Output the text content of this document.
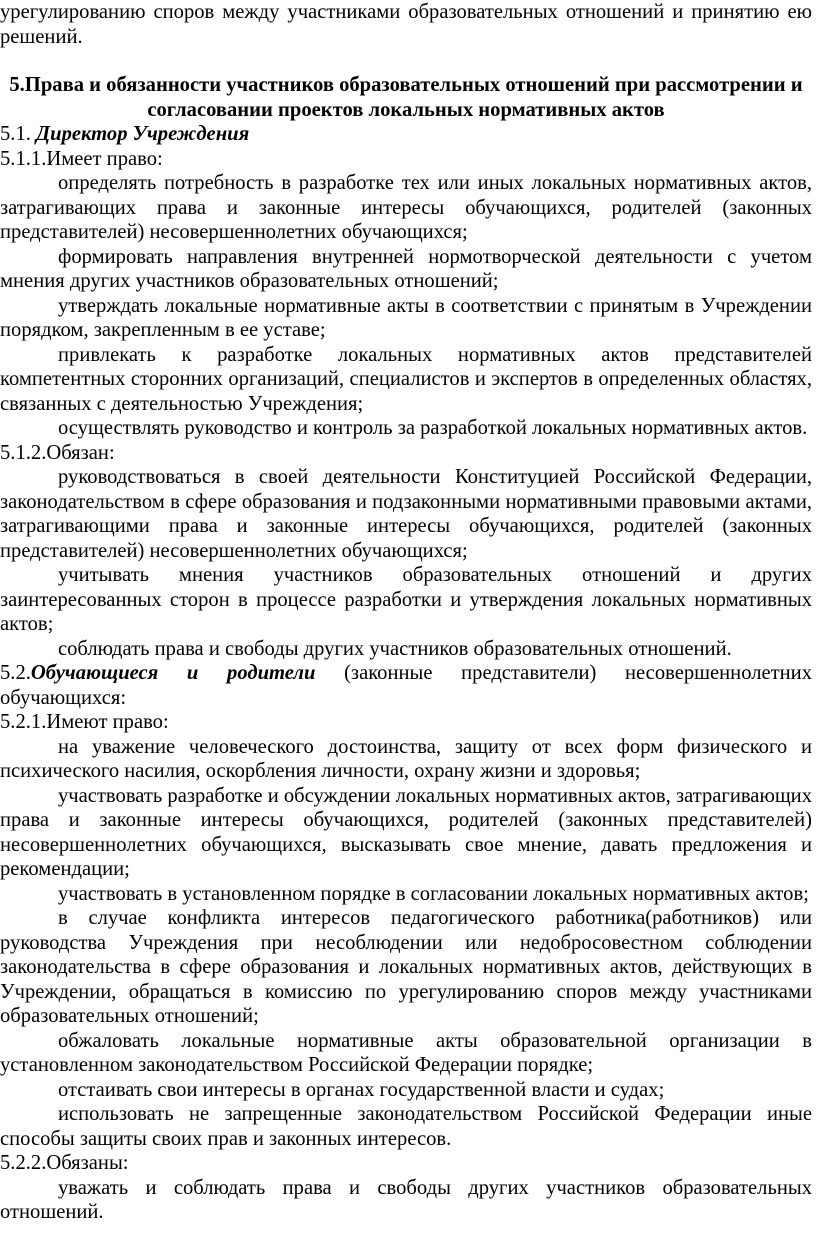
урегулированию споров между участниками образовательных отношений и принятию ею решений.

5.Права и обязанности участников образовательных отношений при рассмотрении и согласовании проектов локальных нормативных актов

5.1. Директор Учреждения

5.1.1.Имеет право:

определять потребность в разработке тех или иных локальных нормативных актов, затрагивающих права и законные интересы обучающихся, родителей (законных представителей) несовершеннолетних обучающихся;

формировать направления внутренней нормотворческой деятельности с учетом мнения других участников образовательных отношений;

утверждать локальные нормативные акты в соответствии с принятым в Учреждении порядком, закрепленным в ее уставе;

привлекать к разработке локальных нормативных актов представителей компетентных сторонних организаций, специалистов и экспертов в определенных областях, связанных с деятельностью Учреждения;

осуществлять руководство и контроль за разработкой локальных нормативных актов.

5.1.2.Обязан:

руководствоваться в своей деятельности Конституцией Российской Федерации, законодательством в сфере образования и подзаконными нормативными правовыми актами, затрагивающими права и законные интересы обучающихся, родителей (законных представителей) несовершеннолетних обучающихся;

учитывать мнения участников образовательных отношений и других заинтересованных сторон в процессе разработки и утверждения локальных нормативных актов;

соблюдать права и свободы других участников образовательных отношений.

5.2.Обучающиеся и родители (законные представители) несовершеннолетних обучающихся:

5.2.1.Имеют право:

на уважение человеческого достоинства, защиту от всех форм физического и психического насилия, оскорбления личности, охрану жизни и здоровья;

участвовать разработке и обсуждении локальных нормативных актов, затрагивающих права и законные интересы обучающихся, родителей (законных представителей) несовершеннолетних обучающихся, высказывать свое мнение, давать предложения и рекомендации;

участвовать в установленном порядке в согласовании локальных нормативных актов;

в случае конфликта интересов педагогического работника(работников) или руководства Учреждения при несоблюдении или недобросовестном соблюдении законодательства в сфере образования и локальных нормативных актов, действующих в Учреждении, обращаться в комиссию по урегулированию споров между участниками образовательных отношений;

обжаловать локальные нормативные акты образовательной организации в установленном законодательством Российской Федерации порядке;

отстаивать свои интересы в органах государственной власти и судах;

использовать не запрещенные законодательством Российской Федерации иные способы защиты своих прав и законных интересов.

5.2.2.Обязаны:

уважать и соблюдать права и свободы других участников образовательных отношений.
